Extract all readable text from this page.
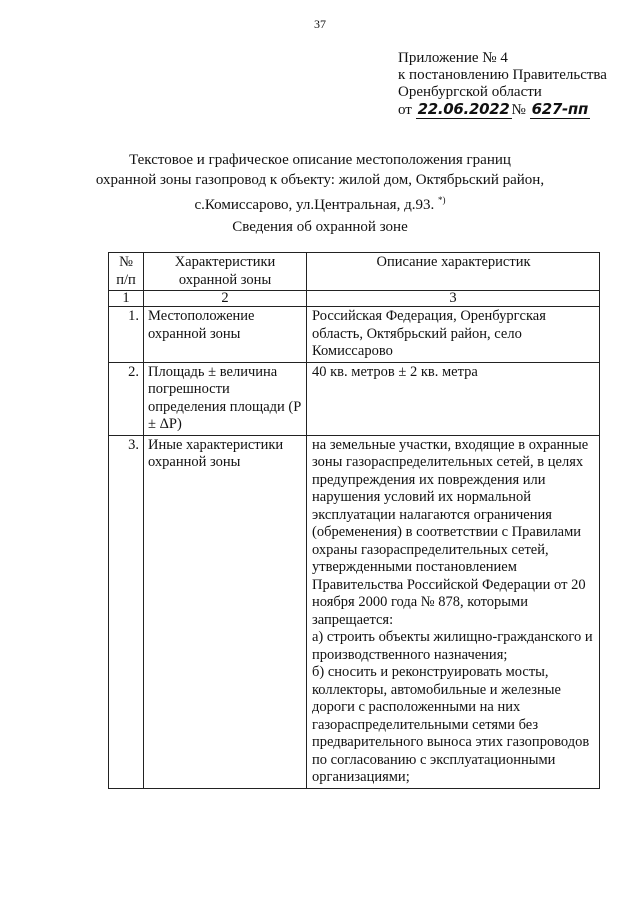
37
Приложение № 4
к постановлению Правительства
Оренбургской области
от
22.06.2022 №
627-пп
Текстовое и графическое описание местоположения границ
охранной зоны газопровод к объекту: жилой дом, Октябрьский район,
с.Комиссарово, ул.Центральная, д.93. *)
Сведения об охранной зоне
№ п/п	Характеристики охранной зоны	Описание характеристик
1	2	3
1.	Местоположение охранной зоны	Российская Федерация, Оренбургская область, Октябрьский район, село Комиссарово
2.	Площадь ± величина погрешности определения площади (P ± ΔP)	40 кв. метров ± 2 кв. метра
3.	Иные характеристики охранной зоны	на земельные участки, входящие в охранные зоны газораспределительных сетей, в целях предупреждения их повреждения или нарушения условий их нормальной эксплуатации налагаются ограничения (обременения) в соответствии с Правилами охраны газораспределительных сетей, утвержденными постановлением Правительства Российской Федерации от 20 ноября 2000 года № 878, которыми запрещается:
а) строить объекты жилищно-гражданского и производственного назначения;
б) сносить и реконструировать мосты, коллекторы, автомобильные и железные дороги с расположенными на них газораспределительными сетями без предварительного выноса этих газопроводов по согласованию с эксплуатационными организациями;
